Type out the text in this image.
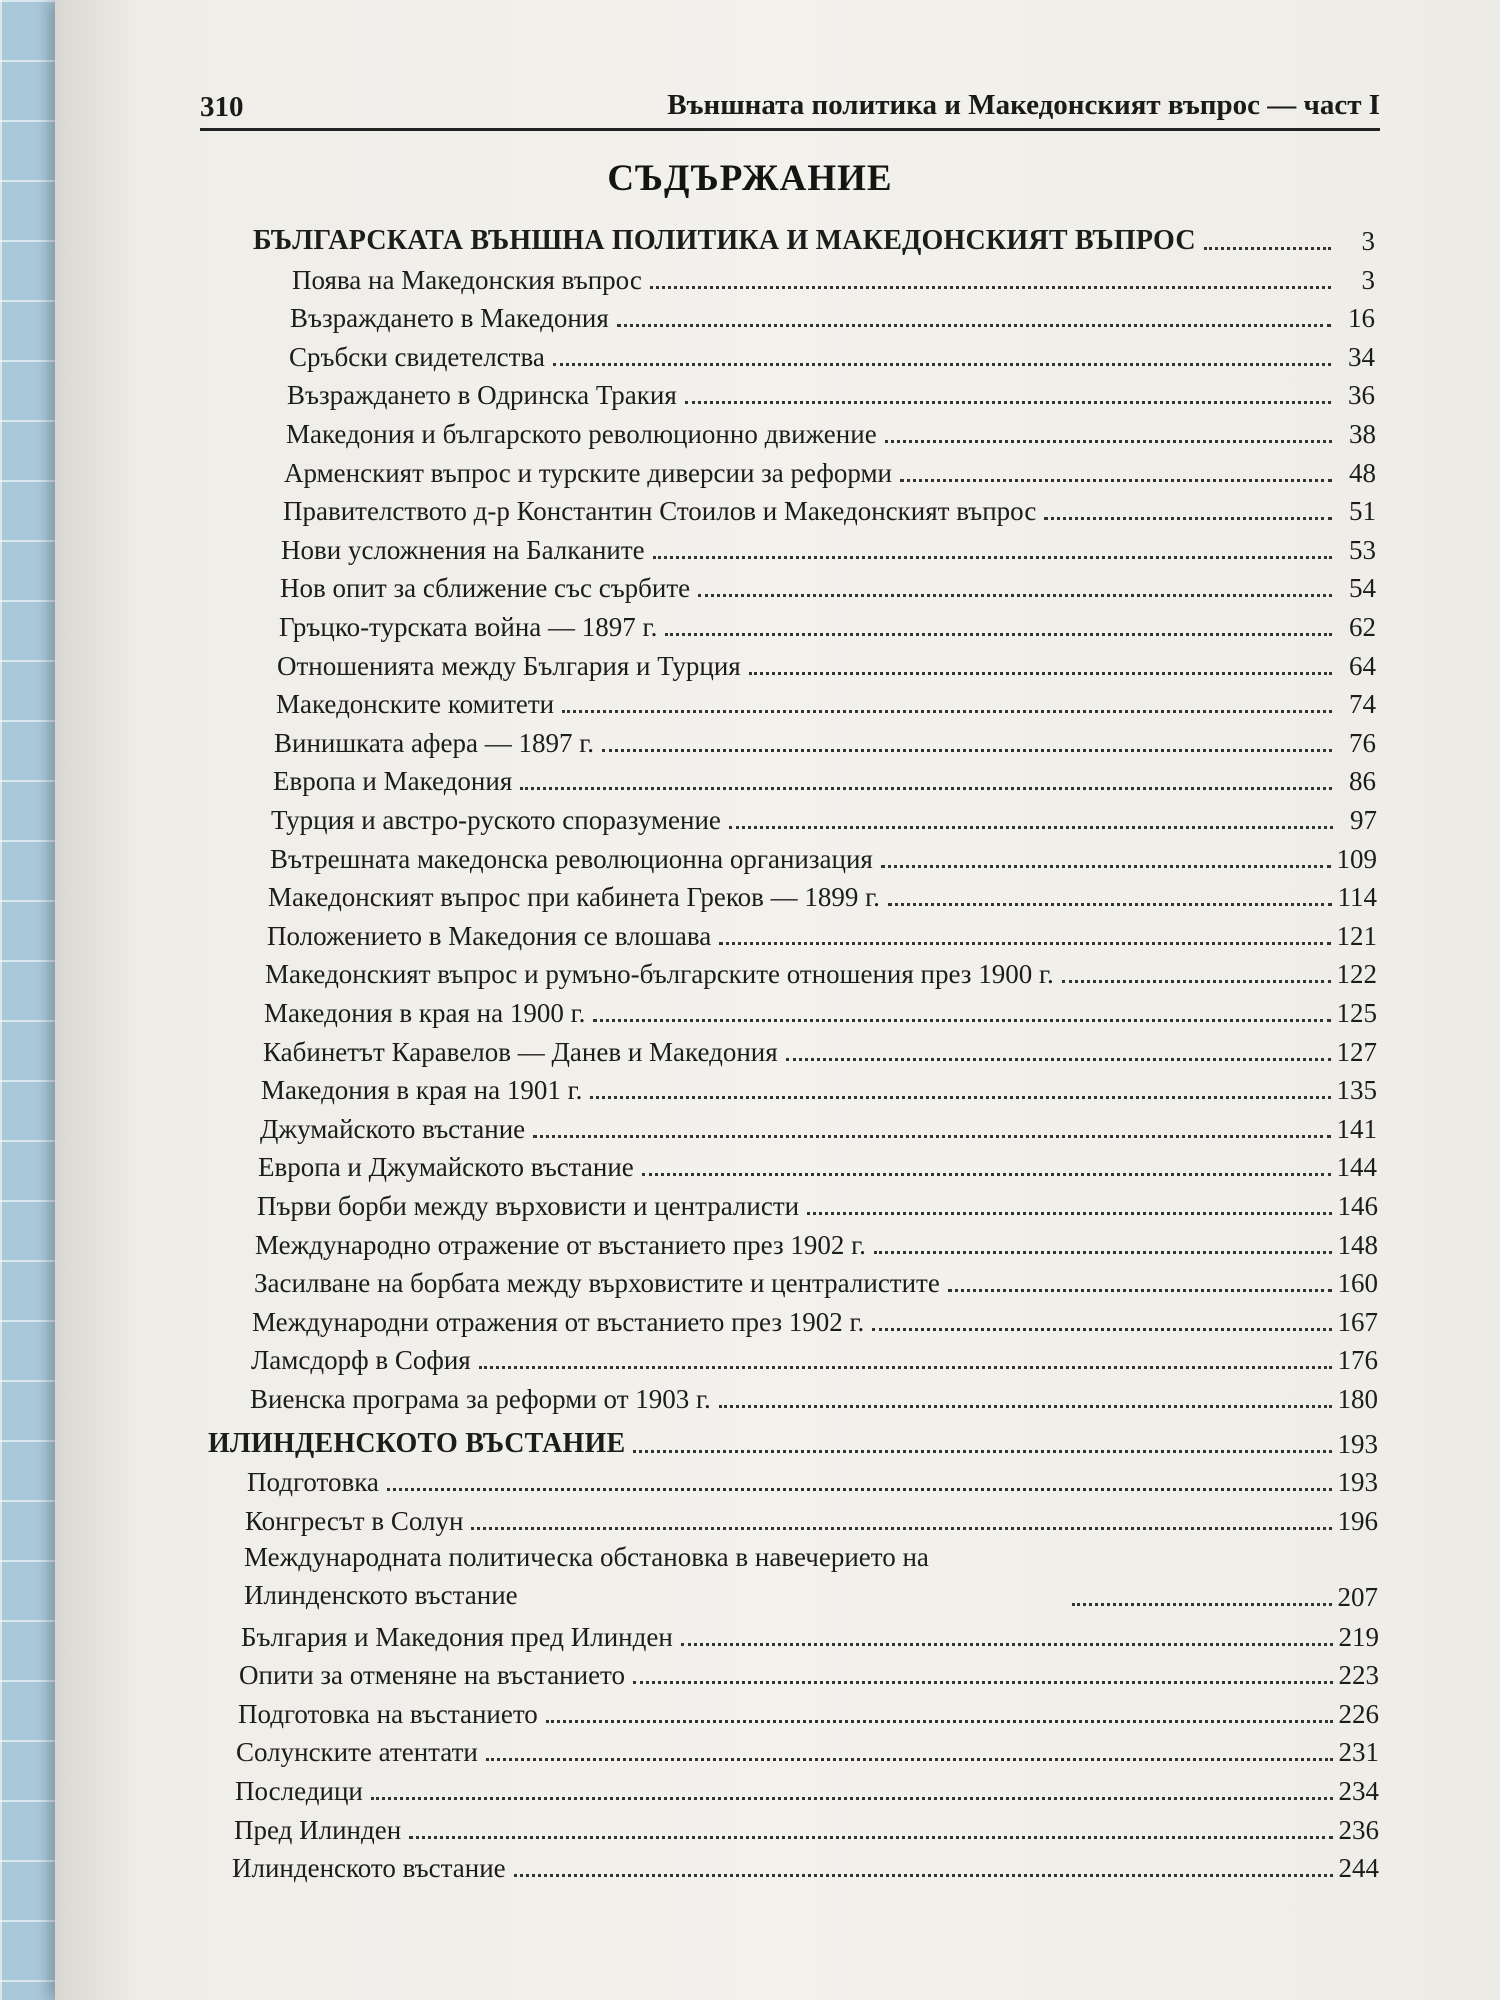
310	Външната политика и Македонският въпрос — част I
СЪДЪРЖАНИЕ
БЪЛГАРСКАТА ВЪНШНА ПОЛИТИКА И МАКЕДОНСКИЯТ ВЪПРОС	3
Поява на Македонския въпрос	3
Възраждането в Македония	16
Сръбски свидетелства	34
Възраждането в Одринска Тракия	36
Македония и българското революционно движение	38
Арменският въпрос и турските диверсии за реформи	48
Правителството д-р Константин Стоилов и Македонският въпрос	51
Нови усложнения на Балканите	53
Нов опит за сближение със сърбите	54
Гръцко-турската война — 1897 г.	62
Отношенията между България и Турция	64
Македонските комитети	74
Винишката афера — 1897 г.	76
Европа и Македония	86
Турция и австро-руското споразумение	97
Вътрешната македонска революционна организация	109
Македонският въпрос при кабинета Греков — 1899 г.	114
Положението в Македония се влошава	121
Македонският въпрос и румъно-българските отношения през 1900 г.	122
Македония в края на 1900 г.	125
Кабинетът Каравелов — Данев и Македония	127
Македония в края на 1901 г.	135
Джумайското въстание	141
Европа и Джумайското въстание	144
Първи борби между върховисти и централисти	146
Международно отражение от въстанието през 1902 г.	148
Засилване на борбата между върховистите и централистите	160
Международни отражения от въстанието през 1902 г.	167
Ламсдорф в София	176
Виенска програма за реформи от 1903 г.	180
ИЛИНДЕНСКОТО ВЪСТАНИЕ	193
Подготовка	193
Конгресът в Солун	196
Международната политическа обстановка в навечерието на Илинденското въстание	207
България и Македония пред Илинден	219
Опити за отменяне на въстанието	223
Подготовка на въстанието	226
Солунските атентати	231
Последици	234
Пред Илинден	236
Илинденското въстание	244
